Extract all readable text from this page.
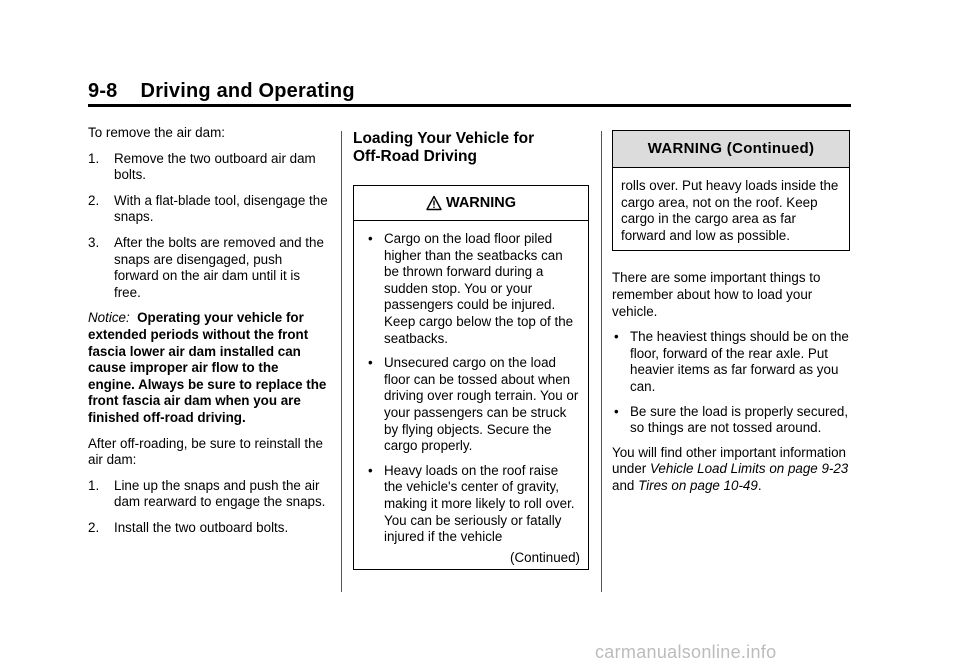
9-8 Driving and Operating

To remove the air dam:

1. Remove the two outboard air dam bolts.
2. With a flat-blade tool, disengage the snaps.
3. After the bolts are removed and the snaps are disengaged, push forward on the air dam until it is free.

Notice: Operating your vehicle for extended periods without the front fascia lower air dam installed can cause improper air flow to the engine. Always be sure to replace the front fascia air dam when you are finished off-road driving.

After off-roading, be sure to reinstall the air dam:

1. Line up the snaps and push the air dam rearward to engage the snaps.
2. Install the two outboard bolts.
Loading Your Vehicle for
Off-Road Driving
WARNING
• Cargo on the load floor piled higher than the seatbacks can be thrown forward during a sudden stop. You or your passengers could be injured. Keep cargo below the top of the seatbacks.
• Unsecured cargo on the load floor can be tossed about when driving over rough terrain. You or your passengers can be struck by flying objects. Secure the cargo properly.
• Heavy loads on the roof raise the vehicle's center of gravity, making it more likely to roll over. You can be seriously or fatally injured if the vehicle
(Continued)
WARNING (Continued)
rolls over. Put heavy loads inside the cargo area, not on the roof. Keep cargo in the cargo area as far forward and low as possible.

There are some important things to remember about how to load your vehicle.

• The heaviest things should be on the floor, forward of the rear axle. Put heavier items as far forward as you can.
• Be sure the load is properly secured, so things are not tossed around.

You will find other important information under Vehicle Load Limits on page 9-23 and Tires on page 10-49.

carmanualsonline.info
